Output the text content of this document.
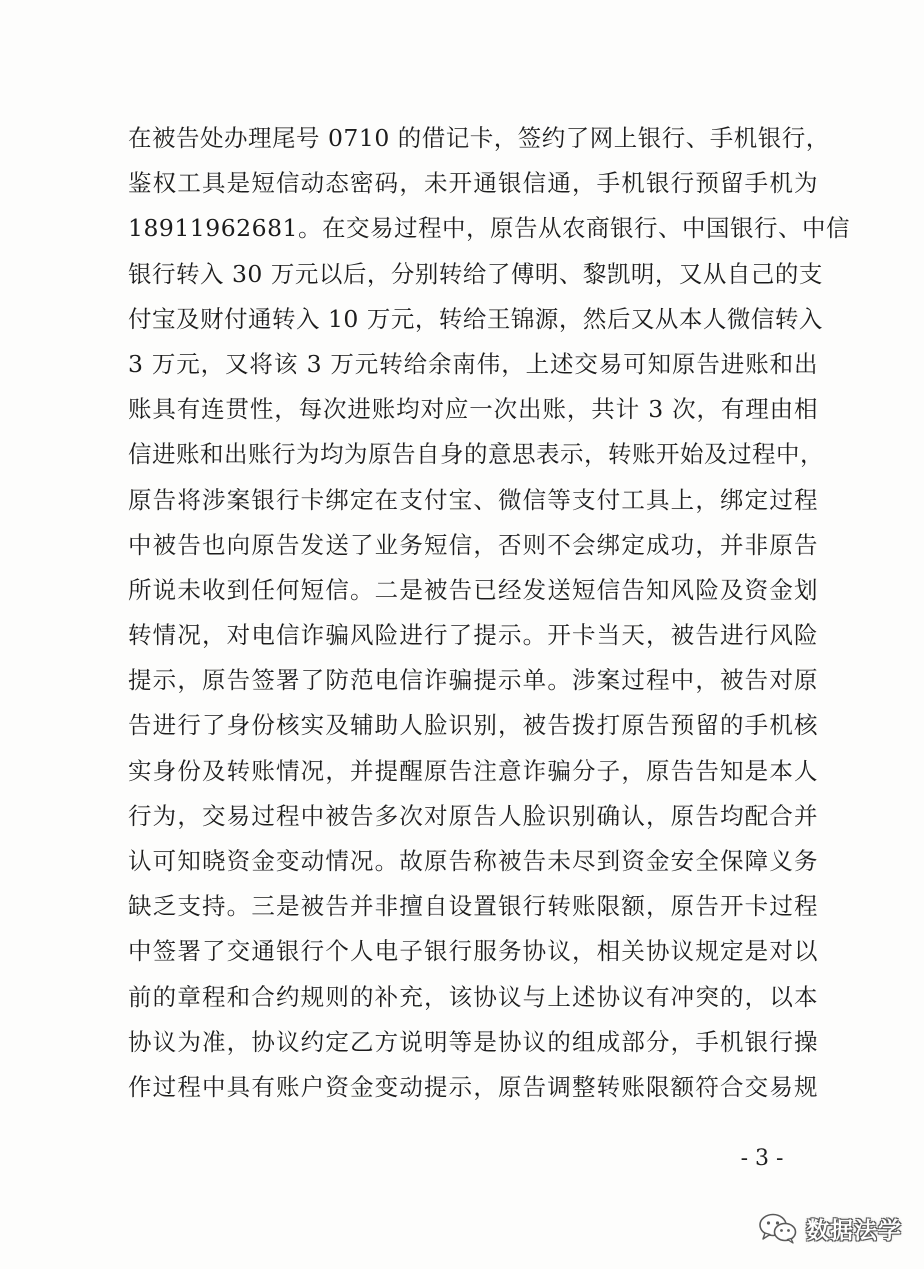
在被告处办理尾号 0710 的借记卡，签约了网上银行、手机银行，
鉴权工具是短信动态密码，未开通银信通，手机银行预留手机为
18911962681。在交易过程中，原告从农商银行、中国银行、中信
银行转入 30 万元以后，分别转给了傅明、黎凯明，又从自己的支
付宝及财付通转入 10 万元，转给王锦源，然后又从本人微信转入
3 万元，又将该 3 万元转给余南伟，上述交易可知原告进账和出
账具有连贯性，每次进账均对应一次出账，共计 3 次，有理由相
信进账和出账行为均为原告自身的意思表示，转账开始及过程中，
原告将涉案银行卡绑定在支付宝、微信等支付工具上，绑定过程
中被告也向原告发送了业务短信，否则不会绑定成功，并非原告
所说未收到任何短信。二是被告已经发送短信告知风险及资金划
转情况，对电信诈骗风险进行了提示。开卡当天，被告进行风险
提示，原告签署了防范电信诈骗提示单。涉案过程中，被告对原
告进行了身份核实及辅助人脸识别，被告拨打原告预留的手机核
实身份及转账情况，并提醒原告注意诈骗分子，原告告知是本人
行为，交易过程中被告多次对原告人脸识别确认，原告均配合并
认可知晓资金变动情况。故原告称被告未尽到资金安全保障义务
缺乏支持。三是被告并非擅自设置银行转账限额，原告开卡过程
中签署了交通银行个人电子银行服务协议，相关协议规定是对以
前的章程和合约规则的补充，该协议与上述协议有冲突的，以本
协议为准，协议约定乙方说明等是协议的组成部分，手机银行操
作过程中具有账户资金变动提示，原告调整转账限额符合交易规
- 3 -
数据法学
